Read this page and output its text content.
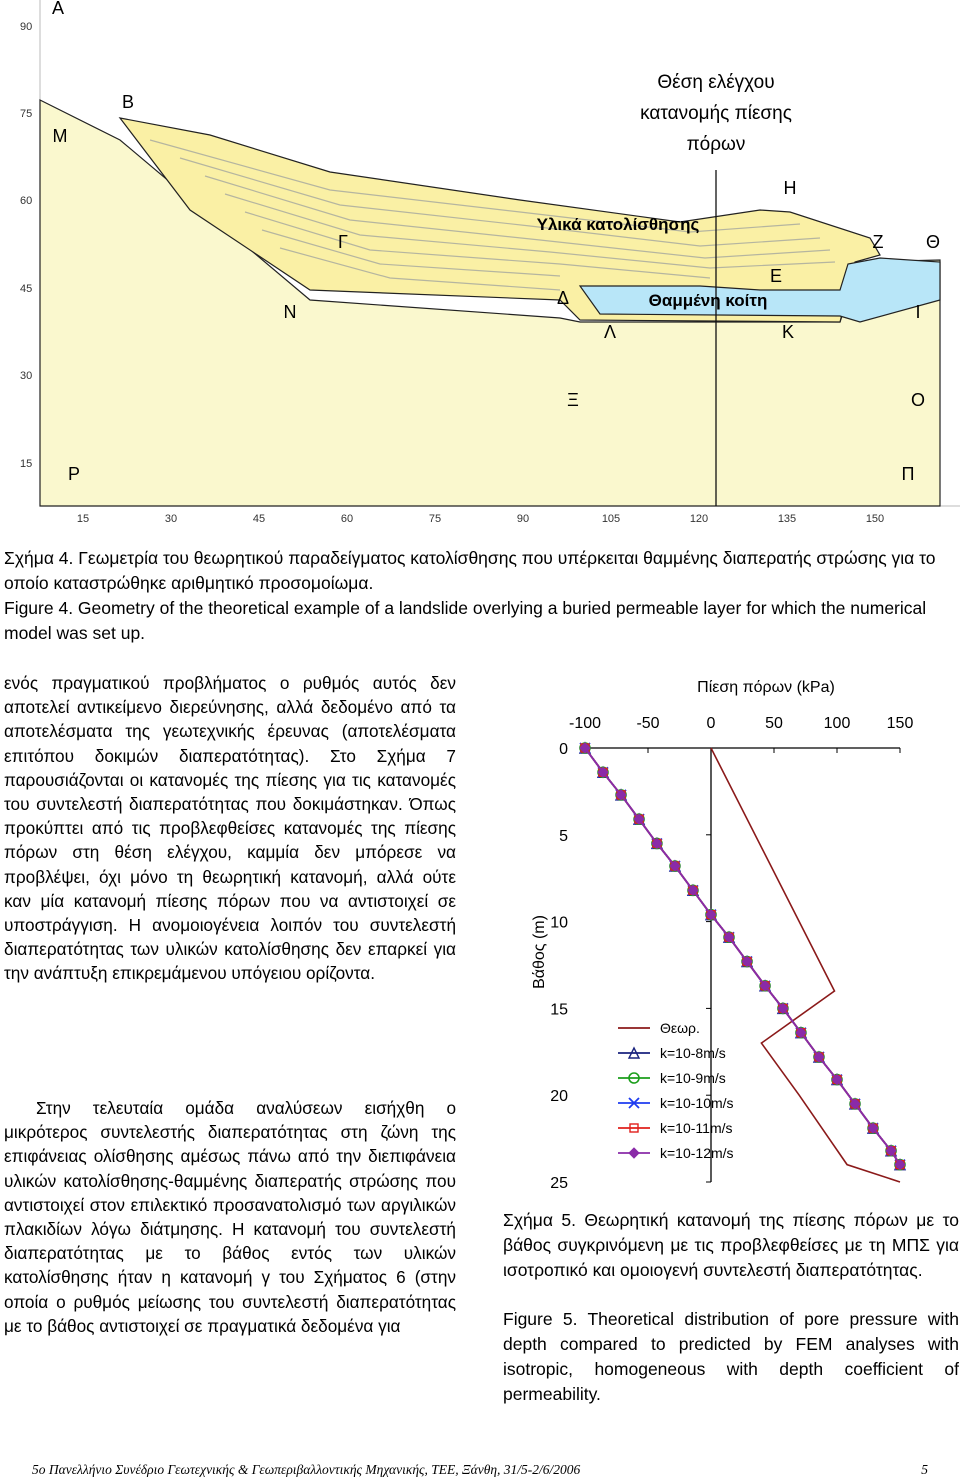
90
75
60
45
30
15
15	30	45	60	75	90	105	120	135	150
A
B
M
Γ
N
Δ
Λ
E
K
H
Z Θ
I
Ξ	O
P	Π
Θέση ελέγχου
κατανομής πίεσης
πόρων
Υλικά κατολίσθησης
Θαμμένη κοίτη
Σχήμα 4. Γεωμετρία του θεωρητικού παραδείγματος κατολίσθησης που υπέρκειται θαμμένης διαπερατής στρώσης για το οποίο καταστρώθηκε αριθμητικό προσομοίωμα.
Figure 4. Geometry of the theoretical example of a landslide overlying a buried permeable layer for which the numerical model was set up.

ενός πραγματικού προβλήματος ο ρυθμός αυτός δεν αποτελεί αντικείμενο διερεύνησης, αλλά δεδομένο από τα αποτελέσματα της γεωτεχνικής έρευνας (αποτελέσματα επιτόπου δοκιμών διαπερατότητας). Στο Σχήμα 7 παρουσιάζονται οι κατανομές της πίεσης για τις κατανομές του συντελεστή διαπερατότητας που δοκιμάστηκαν. Όπως προκύπτει από τις προβλεφθείσες κατανομές της πίεσης πόρων στη θέση ελέγχου, καμμία δεν μπόρεσε να προβλέψει, όχι μόνο τη θεωρητική κατανομή, αλλά ούτε καν μία κατανομή πίεσης πόρων που να αντιστοιχεί σε υποστράγγιση. Η ανομοιογένεια λοιπόν του συντελεστή διαπερατότητας των υλικών κατολίσθησης δεν επαρκεί για την ανάπτυξη επικρεμάμενου υπόγειου ορίζοντα.

Στην τελευταία ομάδα αναλύσεων εισήχθη ο μικρότερος συντελεστής διαπερατότητας στη ζώνη της επιφάνειας ολίσθησης αμέσως πάνω από την διεπιφάνεια υλικών κατολίσθησης-θαμμένης διαπερατής στρώσης που αντιστοιχεί στον επιλεκτικό προσανατολισμό των αργιλικών πλακιδίων λόγω διάτμησης. Η κατανομή του συντελεστή διαπερατότητας με το βάθος εντός των υλικών κατολίσθησης ήταν η κατανομή γ του Σχήματος 6 (στην οποία ο ρυθμός μείωσης του συντελεστή διαπερατότητας με το βάθος αντιστοιχεί σε πραγματικά δεδομένα για

Πίεση πόρων (kPa)
Βάθος (m)
-100 -50	0	50	100 150
0
5
10
15
20
25
Θεωρ.
k=10-8m/s
k=10-9m/s
k=10-10m/s
k=10-11m/s
k=10-12m/s

Σχήμα 5. Θεωρητική κατανομή της πίεσης πόρων με το βάθος συγκρινόμενη με τις προβλεφθείσες με τη ΜΠΣ για ισοτροπικό και ομοιογενή συντελεστή διαπερατότητας.

Figure 5. Theoretical distribution of pore pressure with depth compared to predicted by FEM analyses with isotropic, homogeneous with depth coefficient of permeability.

5ο Πανελλήνιο Συνέδριο Γεωτεχνικής & Γεωπεριβαλλοντικής Μηχανικής, ΤΕΕ, Ξάνθη, 31/5-2/6/2006	5
